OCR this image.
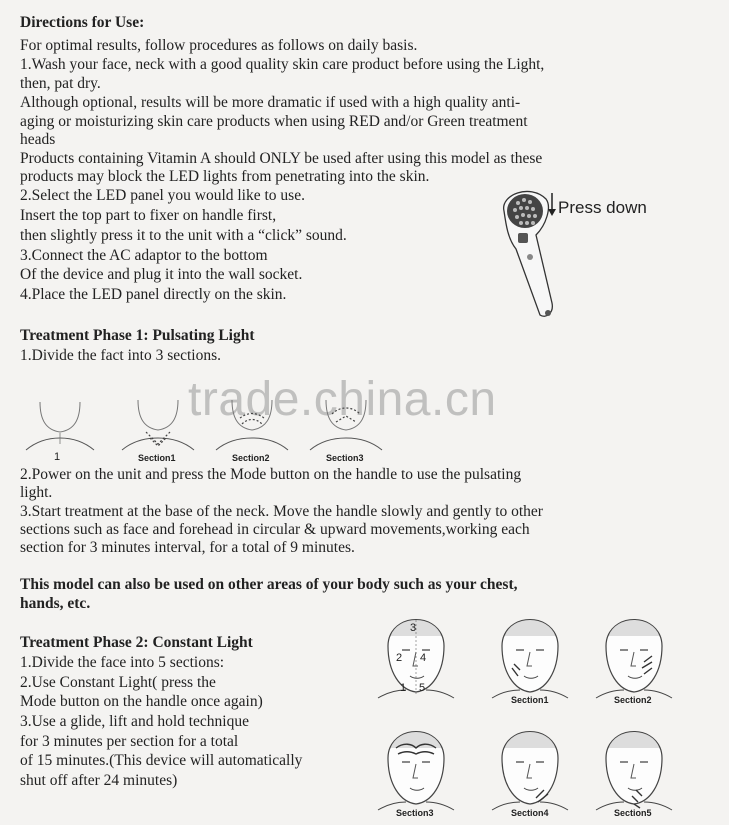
Directions for Use:
For optimal results, follow procedures as follows on daily basis.
1.Wash your face, neck with a good quality skin care product before using the Light,
then, pat dry.
Although optional, results will be more dramatic if used with a high quality anti-
aging or moisturizing skin care products when using RED and/or Green treatment
heads
Products containing Vitamin A should ONLY be used after using this model as these
products may block the LED lights from penetrating into the skin.
2.Select the LED panel you would like to use.
Insert the top part to fixer on handle first,
then slightly press it to the unit with a “click” sound.
3.Connect the AC adaptor to the bottom
Of the device and plug it into the wall socket.
4.Place the LED panel directly on the skin.
Press down
Treatment Phase 1: Pulsating Light
1.Divide the fact into 3 sections.
trade.china.cn
1	Section1	Section2	Section3
2.Power on the unit and press the Mode button on the handle to use the pulsating
light.
3.Start treatment at the base of the neck. Move the handle slowly and gently to other
sections such as face and forehead in circular & upward movements,working each
section for 3 minutes interval, for a total of 9 minutes.
This model can also be used on other areas of your body such as your chest,
hands, etc.
Treatment Phase 2: Constant Light
1.Divide the face into 5 sections:
2.Use Constant Light( press the
Mode button on the handle once again)
3.Use a glide, lift and hold technique
for 3 minutes per section for a total
of 15 minutes.(This device will automatically
shut off after 24 minutes)
3
2 4
1 5
Section1	Section2
Section3	Section4	Section5
